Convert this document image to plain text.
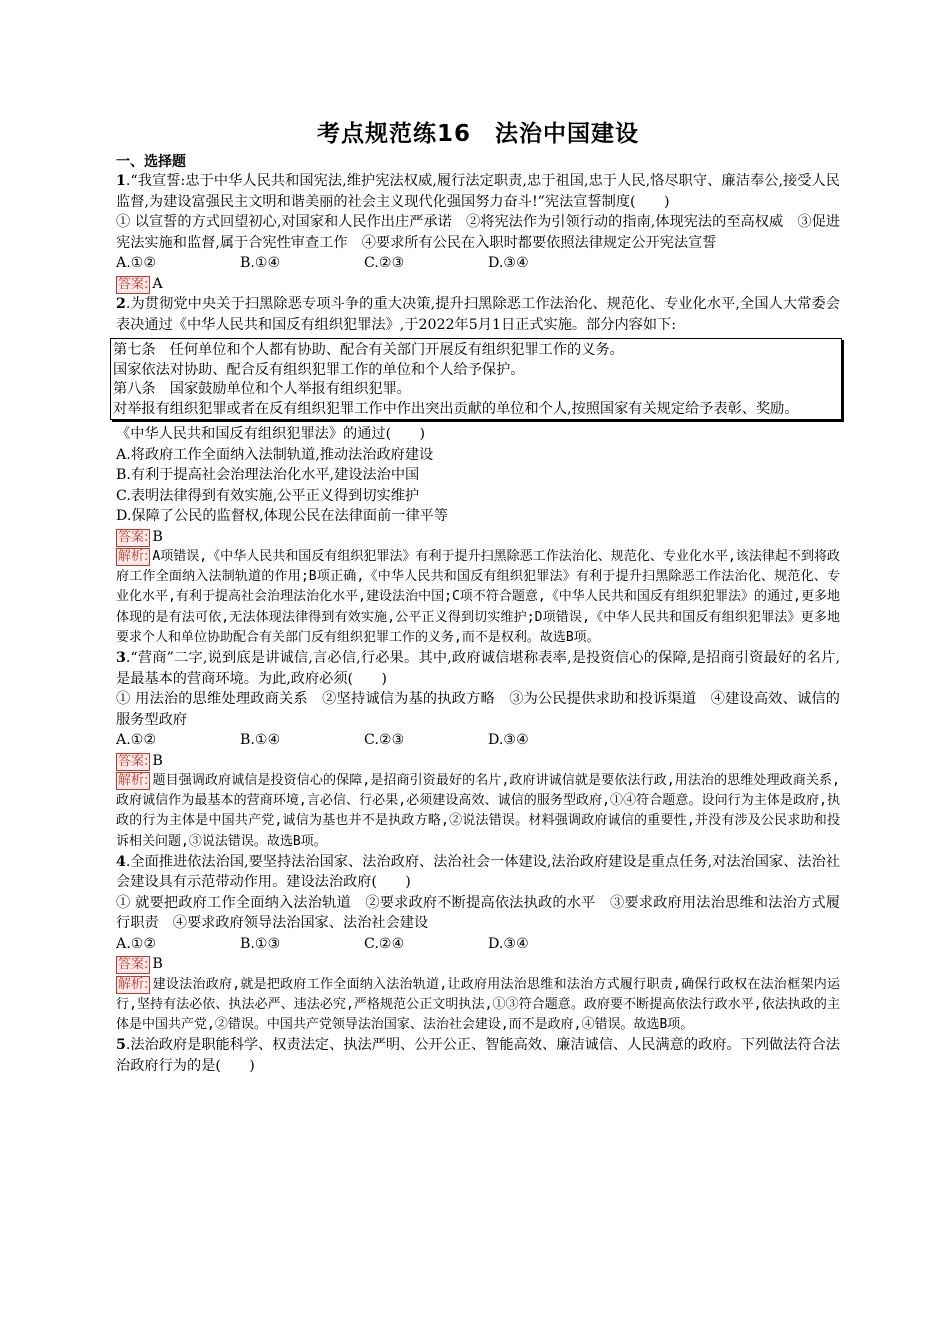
考点规范练16　法治中国建设
一、选择题

1.“我宣誓:忠于中华人民共和国宪法,维护宪法权威,履行法定职责,忠于祖国,忠于人民,恪尽职守、廉洁奉公,接受人民监督,为建设富强民主文明和谐美丽的社会主义现代化强国努力奋斗!”宪法宣誓制度(　　)

① 以宣誓的方式回望初心,对国家和人民作出庄严承诺　②将宪法作为引领行动的指南,体现宪法的至高权威　③促进宪法实施和监督,属于合宪性审查工作　④要求所有公民在入职时都要依照法律规定公开宪法宣誓

A.①②	B.①④	C.②③	D.③④
答案: A

2.为贯彻党中央关于扫黑除恶专项斗争的重大决策,提升扫黑除恶工作法治化、规范化、专业化水平,全国人大常委会表决通过《中华人民共和国反有组织犯罪法》,于2022年5月1日正式实施。部分内容如下:

第七条　任何单位和个人都有协助、配合有关部门开展反有组织犯罪工作的义务。

国家依法对协助、配合反有组织犯罪工作的单位和个人给予保护。

第八条　国家鼓励单位和个人举报有组织犯罪。

对举报有组织犯罪或者在反有组织犯罪工作中作出突出贡献的单位和个人,按照国家有关规定给予表彰、奖励。

《中华人民共和国反有组织犯罪法》的通过(　　)

A.将政府工作全面纳入法制轨道,推动法治政府建设

B.有利于提高社会治理法治化水平,建设法治中国

C.表明法律得到有效实施,公平正义得到切实维护

D.保障了公民的监督权,体现公民在法律面前一律平等

答案: B

解析: A项错误,《中华人民共和国反有组织犯罪法》有利于提升扫黑除恶工作法治化、规范化、专业化水平,该法律起不到将政府工作全面纳入法制轨道的作用;B项正确,《中华人民共和国反有组织犯罪法》有利于提升扫黑除恶工作法治化、规范化、专业化水平,有利于提高社会治理法治化水平,建设法治中国;C项不符合题意,《中华人民共和国反有组织犯罪法》的通过,更多地体现的是有法可依,无法体现法律得到有效实施,公平正义得到切实维护;D项错误,《中华人民共和国反有组织犯罪法》更多地要求个人和单位协助配合有关部门反有组织犯罪工作的义务,而不是权利。故选B项。

3.“营商”二字,说到底是讲诚信,言必信,行必果。其中,政府诚信堪称表率,是投资信心的保障,是招商引资最好的名片,是最基本的营商环境。为此,政府必须(　　)

① 用法治的思维处理政商关系　②坚持诚信为基的执政方略　③为公民提供求助和投诉渠道　④建设高效、诚信的服务型政府

A.①②	B.①④	C.②③	D.③④
答案: B

解析: 题目强调政府诚信是投资信心的保障,是招商引资最好的名片,政府讲诚信就是要依法行政,用法治的思维处理政商关系,政府诚信作为最基本的营商环境,言必信、行必果,必须建设高效、诚信的服务型政府,①④符合题意。设问行为主体是政府,执政的行为主体是中国共产党,诚信为基也并不是执政方略,②说法错误。材料强调政府诚信的重要性,并没有涉及公民求助和投诉相关问题,③说法错误。故选B项。

4.全面推进依法治国,要坚持法治国家、法治政府、法治社会一体建设,法治政府建设是重点任务,对法治国家、法治社会建设具有示范带动作用。建设法治政府(　　)

① 就要把政府工作全面纳入法治轨道　②要求政府不断提高依法执政的水平　③要求政府用法治思维和法治方式履行职责　④要求政府领导法治国家、法治社会建设

A.①②	B.①③	C.②④	D.③④
答案: B

解析: 建设法治政府,就是把政府工作全面纳入法治轨道,让政府用法治思维和法治方式履行职责,确保行政权在法治框架内运行,坚持有法必依、执法必严、违法必究,严格规范公正文明执法,①③符合题意。政府要不断提高依法行政水平,依法执政的主体是中国共产党,②错误。中国共产党领导法治国家、法治社会建设,而不是政府,④错误。故选B项。

5.法治政府是职能科学、权责法定、执法严明、公开公正、智能高效、廉洁诚信、人民满意的政府。下列做法符合法治政府行为的是(　　)
